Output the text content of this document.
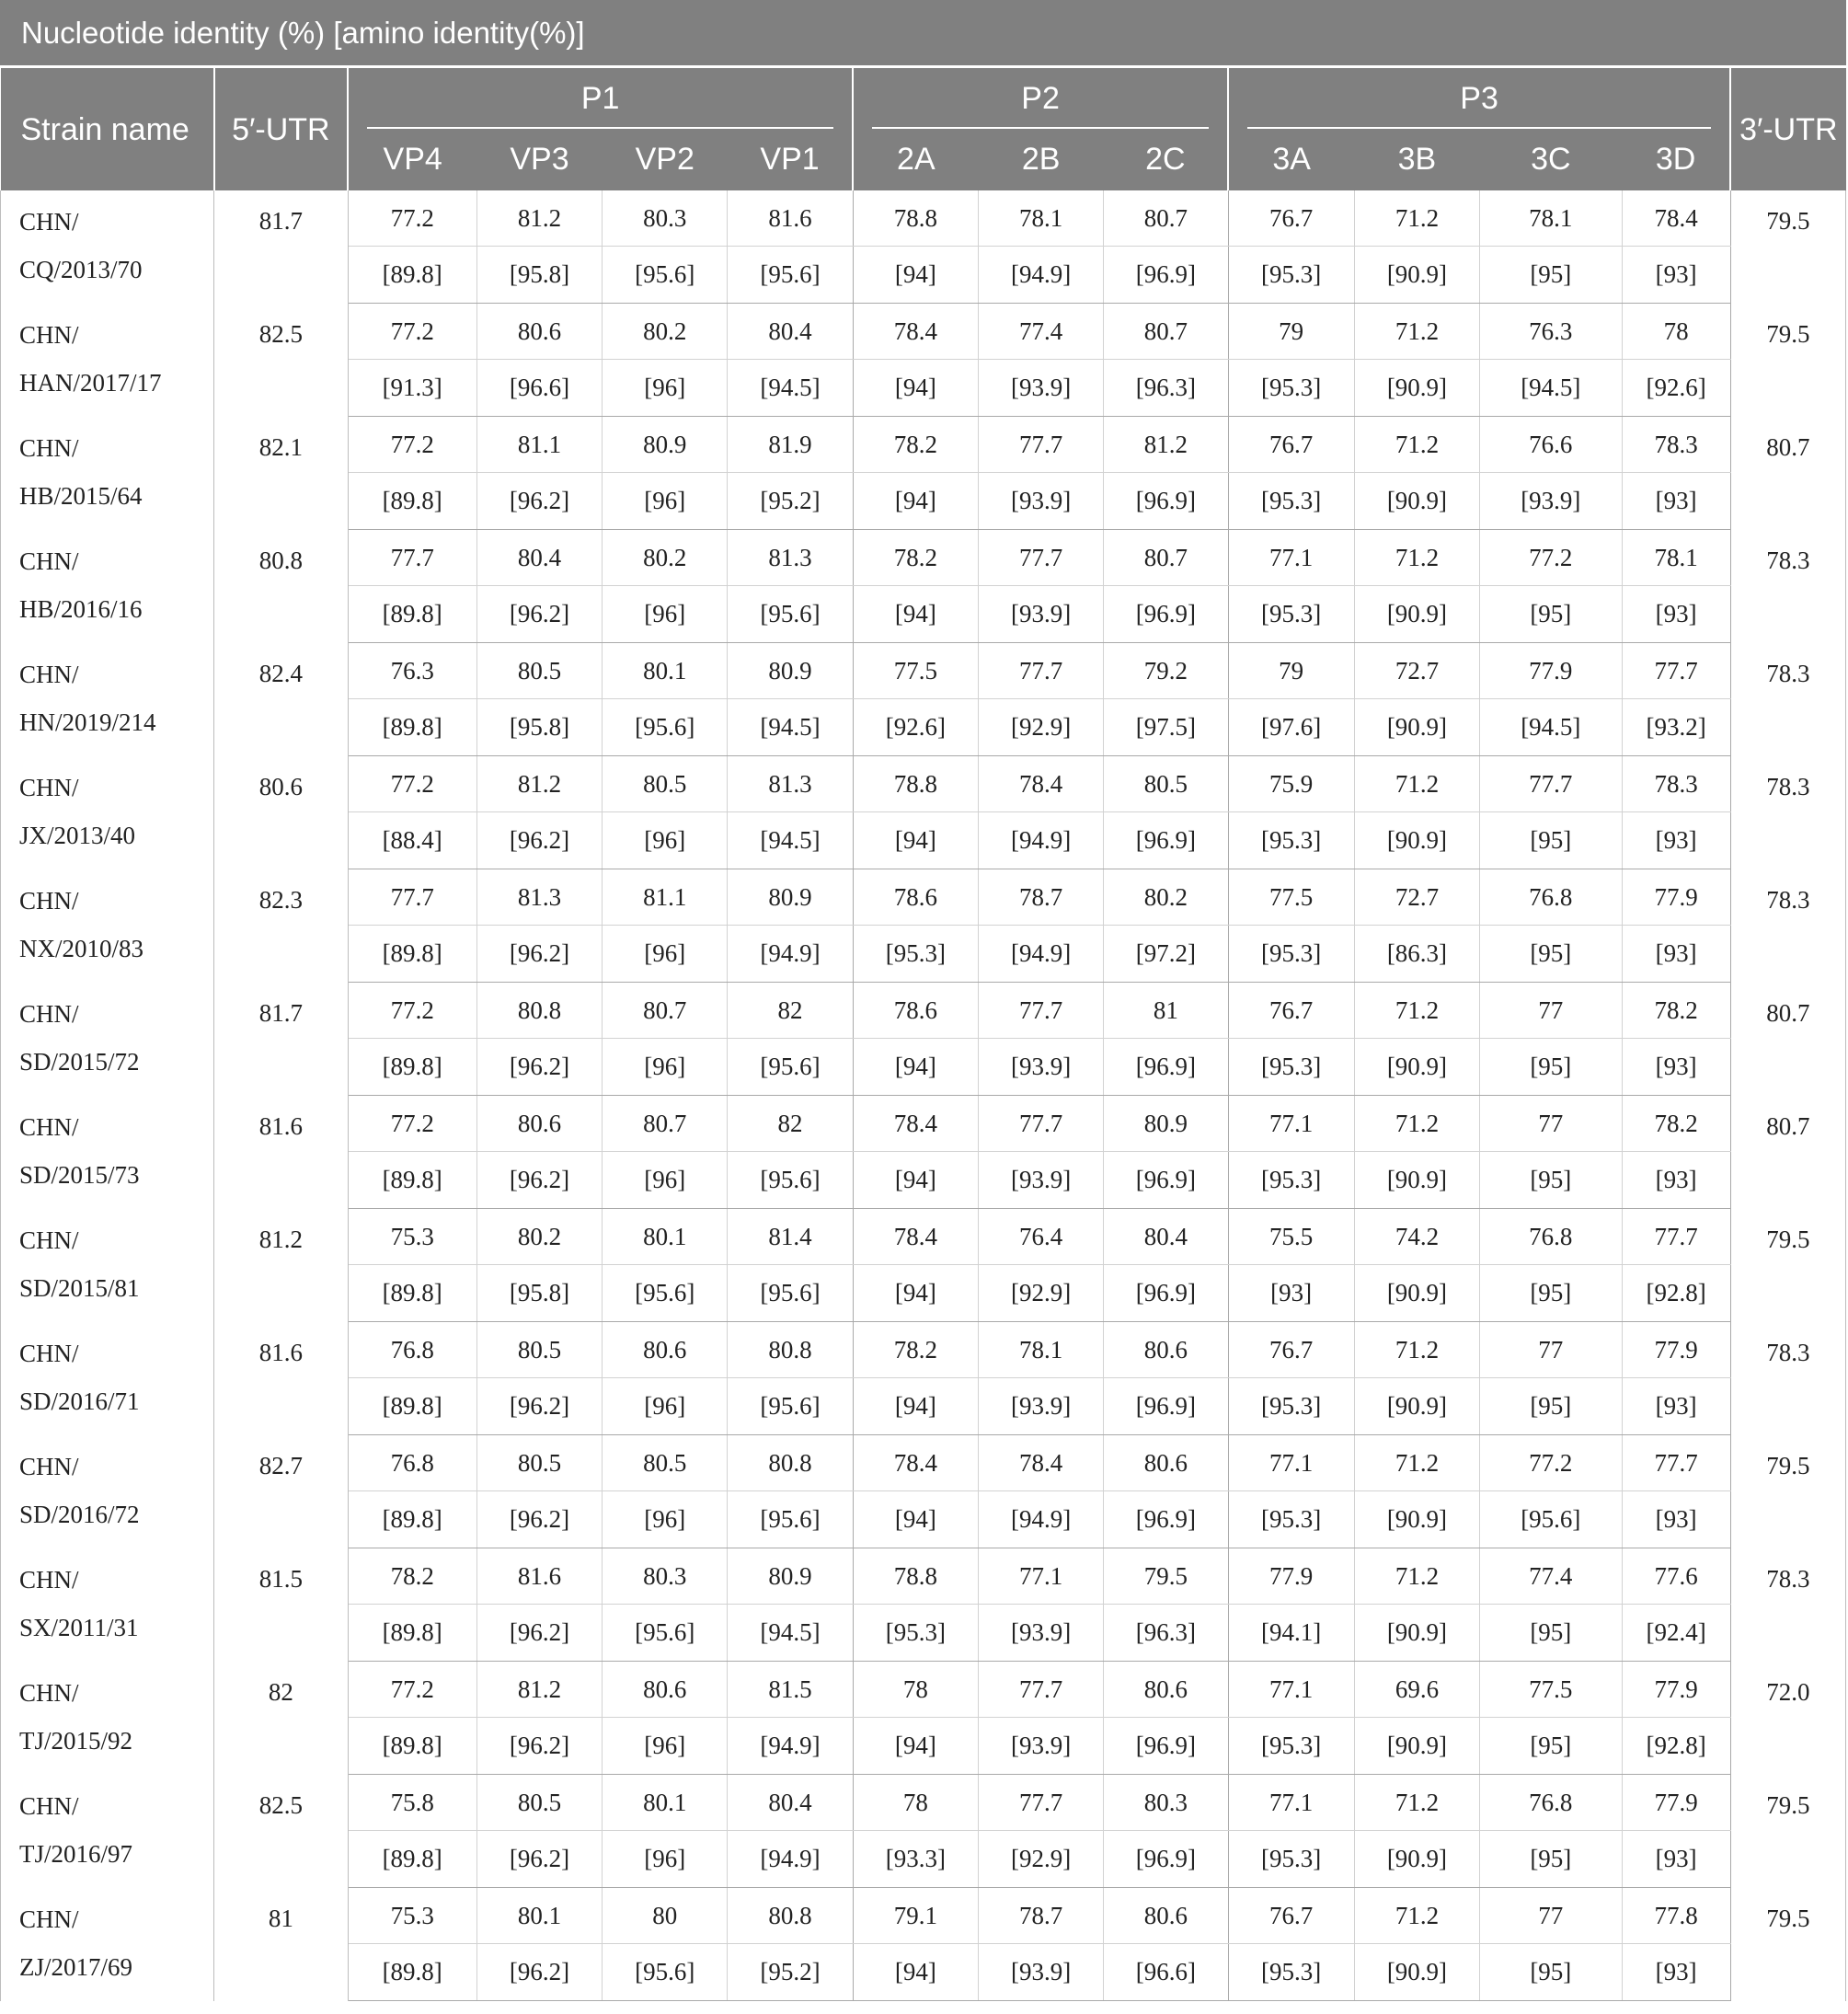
Nucleotide identity (%) [amino identity(%)]													
Strain name	5′-UTR	P1				P2			P3				3′-UTR
		VP4	VP3	VP2	VP1	2A	2B	2C	3A	3B	3C	3D	
CHN/
CQ/2013/70	81.7	77.2	81.2	80.3	81.6	78.8	78.1	80.7	76.7	71.2	78.1	78.4	79.5
		[89.8]	[95.8]	[95.6]	[95.6]	[94]	[94.9]	[96.9]	[95.3]	[90.9]	[95]	[93]	
CHN/
HAN/2017/17	82.5	77.2	80.6	80.2	80.4	78.4	77.4	80.7	79	71.2	76.3	78	79.5
		[91.3]	[96.6]	[96]	[94.5]	[94]	[93.9]	[96.3]	[95.3]	[90.9]	[94.5]	[92.6]	
CHN/
HB/2015/64	82.1	77.2	81.1	80.9	81.9	78.2	77.7	81.2	76.7	71.2	76.6	78.3	80.7
		[89.8]	[96.2]	[96]	[95.2]	[94]	[93.9]	[96.9]	[95.3]	[90.9]	[93.9]	[93]	
CHN/
HB/2016/16	80.8	77.7	80.4	80.2	81.3	78.2	77.7	80.7	77.1	71.2	77.2	78.1	78.3
		[89.8]	[96.2]	[96]	[95.6]	[94]	[93.9]	[96.9]	[95.3]	[90.9]	[95]	[93]	
CHN/
HN/2019/214	82.4	76.3	80.5	80.1	80.9	77.5	77.7	79.2	79	72.7	77.9	77.7	78.3
		[89.8]	[95.8]	[95.6]	[94.5]	[92.6]	[92.9]	[97.5]	[97.6]	[90.9]	[94.5]	[93.2]	
CHN/
JX/2013/40	80.6	77.2	81.2	80.5	81.3	78.8	78.4	80.5	75.9	71.2	77.7	78.3	78.3
		[88.4]	[96.2]	[96]	[94.5]	[94]	[94.9]	[96.9]	[95.3]	[90.9]	[95]	[93]	
CHN/
NX/2010/83	82.3	77.7	81.3	81.1	80.9	78.6	78.7	80.2	77.5	72.7	76.8	77.9	78.3
		[89.8]	[96.2]	[96]	[94.9]	[95.3]	[94.9]	[97.2]	[95.3]	[86.3]	[95]	[93]	
CHN/
SD/2015/72	81.7	77.2	80.8	80.7	82	78.6	77.7	81	76.7	71.2	77	78.2	80.7
		[89.8]	[96.2]	[96]	[95.6]	[94]	[93.9]	[96.9]	[95.3]	[90.9]	[95]	[93]	
CHN/
SD/2015/73	81.6	77.2	80.6	80.7	82	78.4	77.7	80.9	77.1	71.2	77	78.2	80.7
		[89.8]	[96.2]	[96]	[95.6]	[94]	[93.9]	[96.9]	[95.3]	[90.9]	[95]	[93]	
CHN/
SD/2015/81	81.2	75.3	80.2	80.1	81.4	78.4	76.4	80.4	75.5	74.2	76.8	77.7	79.5
		[89.8]	[95.8]	[95.6]	[95.6]	[94]	[92.9]	[96.9]	[93]	[90.9]	[95]	[92.8]	
CHN/
SD/2016/71	81.6	76.8	80.5	80.6	80.8	78.2	78.1	80.6	76.7	71.2	77	77.9	78.3
		[89.8]	[96.2]	[96]	[95.6]	[94]	[93.9]	[96.9]	[95.3]	[90.9]	[95]	[93]	
CHN/
SD/2016/72	82.7	76.8	80.5	80.5	80.8	78.4	78.4	80.6	77.1	71.2	77.2	77.7	79.5
		[89.8]	[96.2]	[96]	[95.6]	[94]	[94.9]	[96.9]	[95.3]	[90.9]	[95.6]	[93]	
CHN/
SX/2011/31	81.5	78.2	81.6	80.3	80.9	78.8	77.1	79.5	77.9	71.2	77.4	77.6	78.3
		[89.8]	[96.2]	[95.6]	[94.5]	[95.3]	[93.9]	[96.3]	[94.1]	[90.9]	[95]	[92.4]	
CHN/
TJ/2015/92	82	77.2	81.2	80.6	81.5	78	77.7	80.6	77.1	69.6	77.5	77.9	72.0
		[89.8]	[96.2]	[96]	[94.9]	[94]	[93.9]	[96.9]	[95.3]	[90.9]	[95]	[92.8]	
CHN/
TJ/2016/97	82.5	75.8	80.5	80.1	80.4	78	77.7	80.3	77.1	71.2	76.8	77.9	79.5
		[89.8]	[96.2]	[96]	[94.9]	[93.3]	[92.9]	[96.9]	[95.3]	[90.9]	[95]	[93]	
CHN/
ZJ/2017/69	81	75.3	80.1	80	80.8	79.1	78.7	80.6	76.7	71.2	77	77.8	79.5
		[89.8]	[96.2]	[95.6]	[95.2]	[94]	[93.9]	[96.6]	[95.3]	[90.9]	[95]	[93]	
